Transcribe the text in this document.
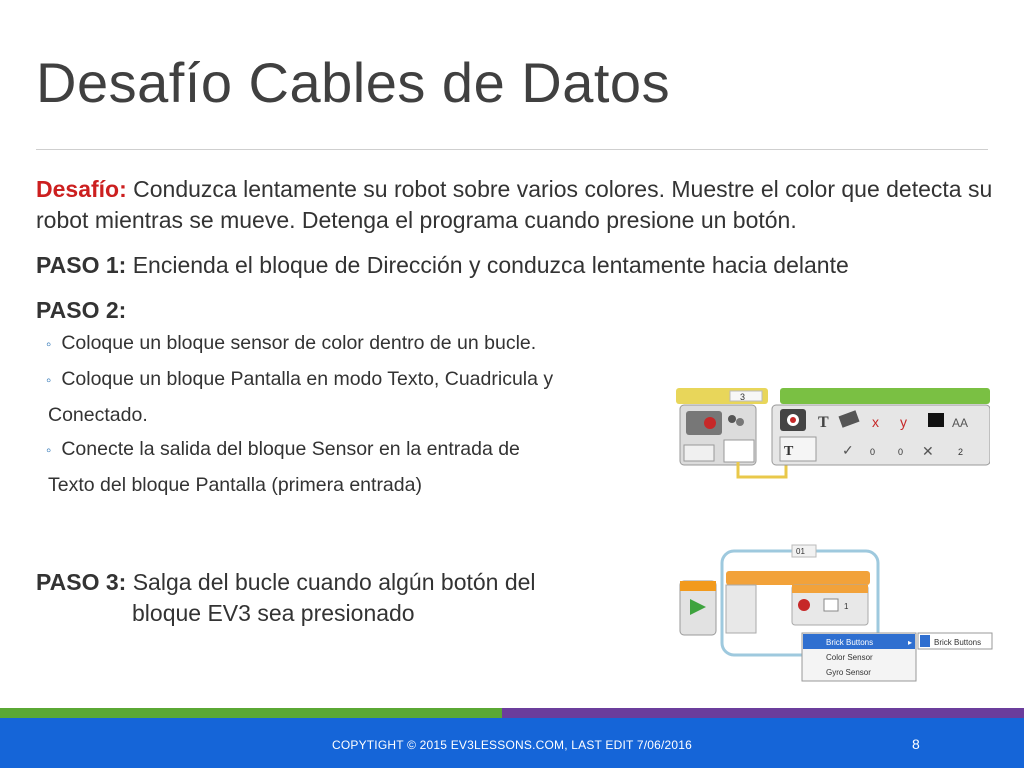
Desafío Cables de Datos

Desafío: Conduzca lentamente su robot sobre varios colores. Muestre el color que detecta su robot mientras se mueve. Detenga el programa cuando presione un botón.

PASO 1: Encienda el bloque de Dirección y conduzca lentamente hacia delante

PASO 2:

◦ Coloque un bloque sensor de color dentro de un bucle.
◦ Coloque un bloque Pantalla en modo Texto, Cuadricula y
Conectado.
◦ Conecte la salida del bloque Sensor en la entrada de
Texto del bloque Pantalla (primera entrada)
PASO 3: Salga del bucle cuando algún botón del
bloque EV3 sea presionado
3
T	x y	AA
T	✓ 0	0 ✕	2
01
1
Brick Buttons	▸
Color Sensor
Gyro Sensor
Brick Buttons
COPYTIGHT © 2015 EV3LESSONS.COM, LAST EDIT 7/06/2016	8
